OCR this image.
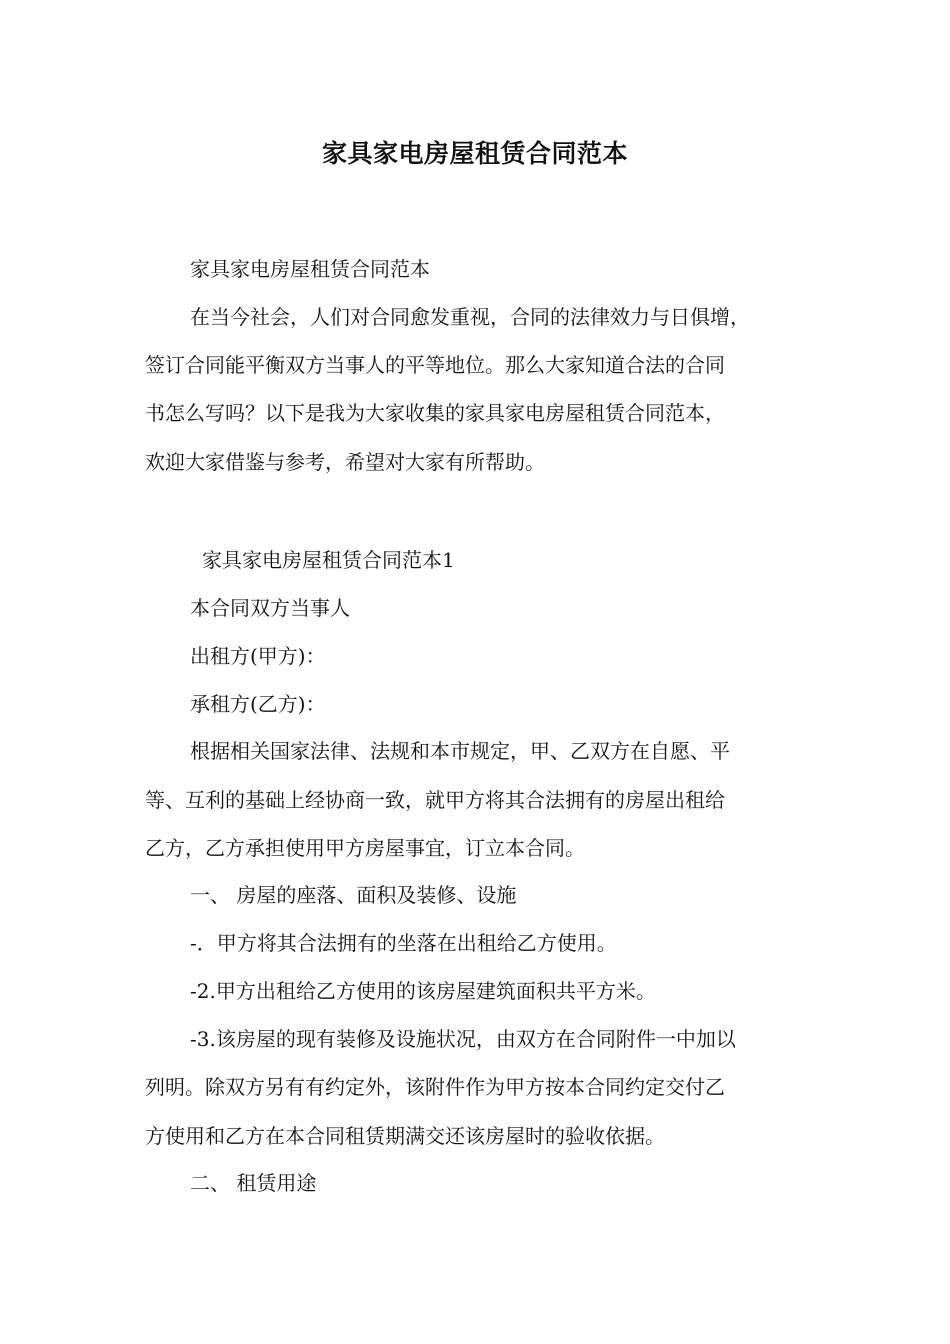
家具家电房屋租赁合同范本
家具家电房屋租赁合同范本
在当今社会，人们对合同愈发重视，合同的法律效力与日俱增，
签订合同能平衡双方当事人的平等地位。那么大家知道合法的合同
书怎么写吗？以下是我为大家收集的家具家电房屋租赁合同范本，
欢迎大家借鉴与参考，希望对大家有所帮助。
家具家电房屋租赁合同范本1
本合同双方当事人
出租方(甲方)：
承租方(乙方)：
根据相关国家法律、法规和本市规定，甲、乙双方在自愿、平
等、互利的基础上经协商一致，就甲方将其合法拥有的房屋出租给
乙方，乙方承担使用甲方房屋事宜，订立本合同。
一、 房屋的座落、面积及装修、设施
-．甲方将其合法拥有的坐落在出租给乙方使用。
-2.甲方出租给乙方使用的该房屋建筑面积共平方米。
-3.该房屋的现有装修及设施状况，由双方在合同附件一中加以
列明。除双方另有有约定外，该附件作为甲方按本合同约定交付乙
方使用和乙方在本合同租赁期满交还该房屋时的验收依据。
二、 租赁用途
